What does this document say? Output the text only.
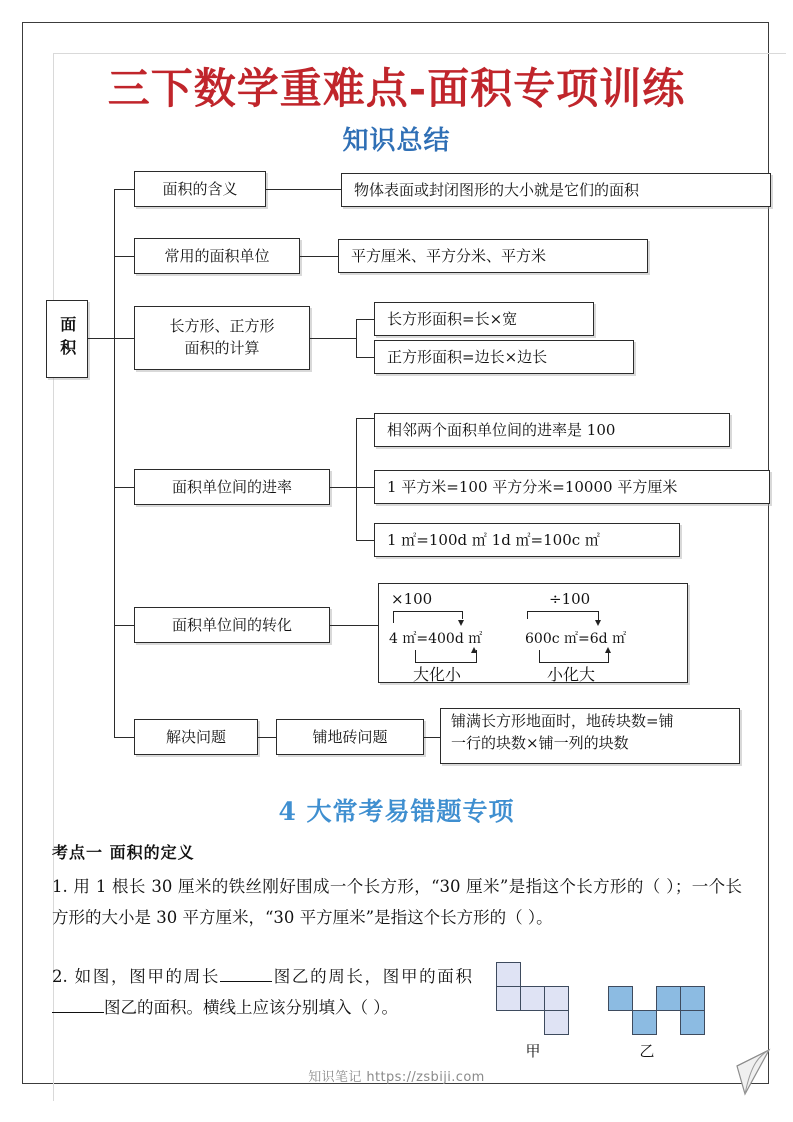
三下数学重难点-面积专项训练
知识总结
面积
面积的含义	物体表面或封闭图形的大小就是它们的面积
常用的面积单位	平方厘米、平方分米、平方米
长方形、正方形
面积的计算
长方形面积=长×宽
正方形面积=边长×边长
面积单位间的进率
相邻两个面积单位间的进率是 100
1 平方米=100 平方分米=10000 平方厘米
1 ㎡=100d ㎡ 1d ㎡=100c ㎡
面积单位间的转化
×100
4 ㎡=400d ㎡
大化小
÷100
600c ㎡=6d ㎡
小化大
解决问题	铺地砖问题
铺满长方形地面时，地砖块数=铺
一行的块数×铺一列的块数
4 大常考易错题专项
考点一 面积的定义
1. 用 1 根长 30 厘米的铁丝刚好围成一个长方形，“30 厘米”是指这个长方形的（ ）；一个长方形的大小是 30 平方厘米，“30 平方厘米”是指这个长方形的（ ）。
2. 如图，图甲的周长	图乙的周长，图甲的面积图乙的面积。横线上应该分别填入（ ）。
甲	乙
知识笔记 https://zsbiji.com
